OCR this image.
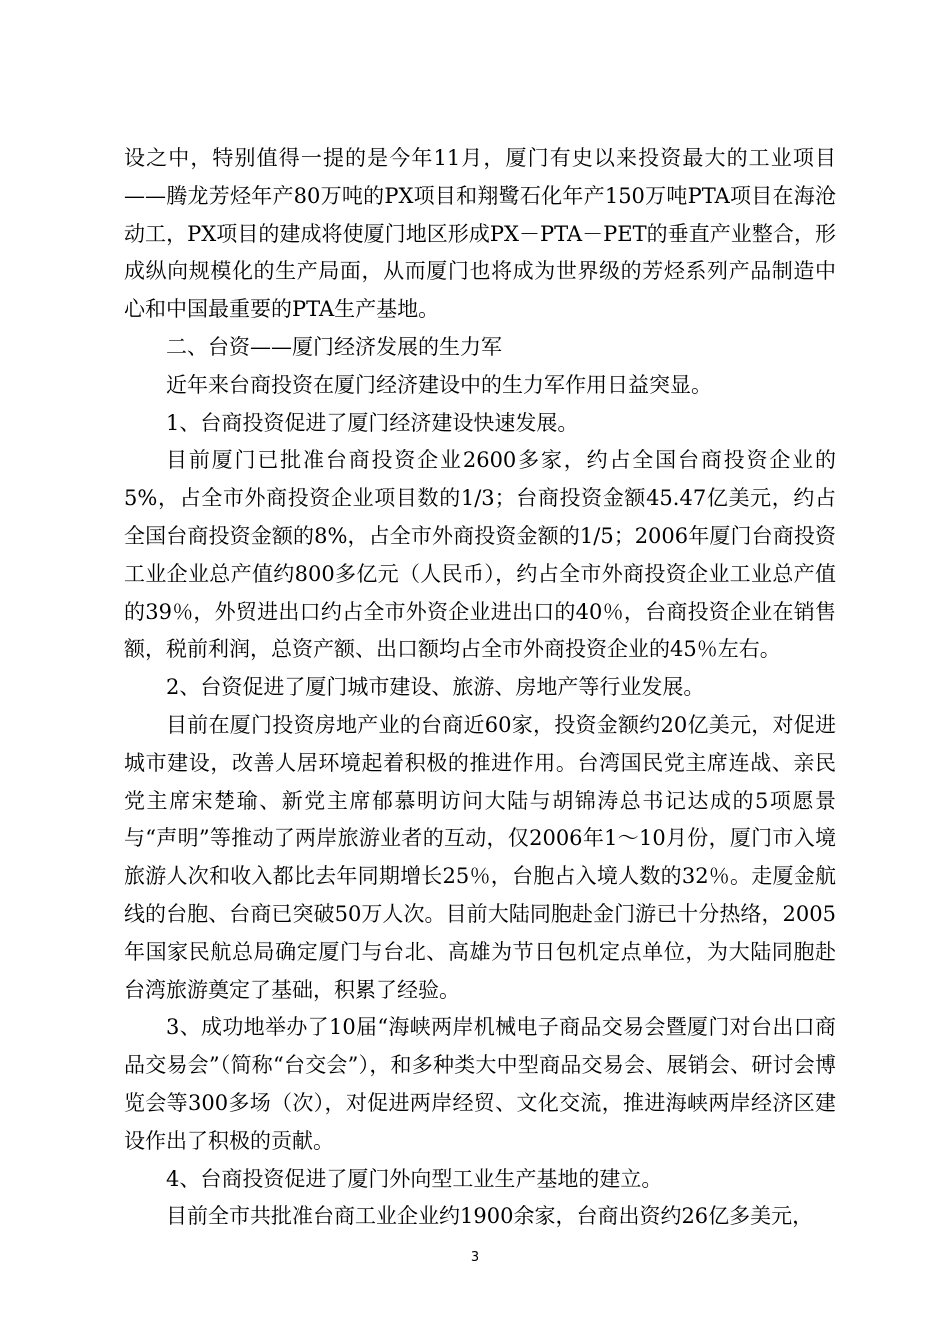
设之中，特别值得一提的是今年11月，厦门有史以来投资最大的工业项目——腾龙芳烃年产80万吨的PX项目和翔鹭石化年产150万吨PTA项目在海沧动工，PX项目的建成将使厦门地区形成PX－PTA－PET的垂直产业整合，形成纵向规模化的生产局面，从而厦门也将成为世界级的芳烃系列产品制造中心和中国最重要的PTA生产基地。

二、台资——厦门经济发展的生力军

近年来台商投资在厦门经济建设中的生力军作用日益突显。

1、台商投资促进了厦门经济建设快速发展。

目前厦门已批准台商投资企业2600多家，约占全国台商投资企业的5%，占全市外商投资企业项目数的1/3；台商投资金额45.47亿美元，约占全国台商投资金额的8%，占全市外商投资金额的1/5；2006年厦门台商投资工业企业总产值约800多亿元（人民币），约占全市外商投资企业工业总产值的39％，外贸进出口约占全市外资企业进出口的40％，台商投资企业在销售额，税前利润，总资产额、出口额均占全市外商投资企业的45％左右。

2、台资促进了厦门城市建设、旅游、房地产等行业发展。

目前在厦门投资房地产业的台商近60家，投资金额约20亿美元，对促进城市建设，改善人居环境起着积极的推进作用。台湾国民党主席连战、亲民党主席宋楚瑜、新党主席郁慕明访问大陆与胡锦涛总书记达成的5项愿景与“声明”等推动了两岸旅游业者的互动，仅2006年1～10月份，厦门市入境旅游人次和收入都比去年同期增长25％，台胞占入境人数的32％。走厦金航线的台胞、台商已突破50万人次。目前大陆同胞赴金门游已十分热络，2005年国家民航总局确定厦门与台北、高雄为节日包机定点单位，为大陆同胞赴台湾旅游奠定了基础，积累了经验。

3、成功地举办了10届“海峡两岸机械电子商品交易会暨厦门对台出口商品交易会”（简称“台交会”），和多种类大中型商品交易会、展销会、研讨会博览会等300多场（次），对促进两岸经贸、文化交流，推进海峡两岸经济区建设作出了积极的贡献。

4、台商投资促进了厦门外向型工业生产基地的建立。

目前全市共批准台商工业企业约1900余家，台商出资约26亿多美元，

3
